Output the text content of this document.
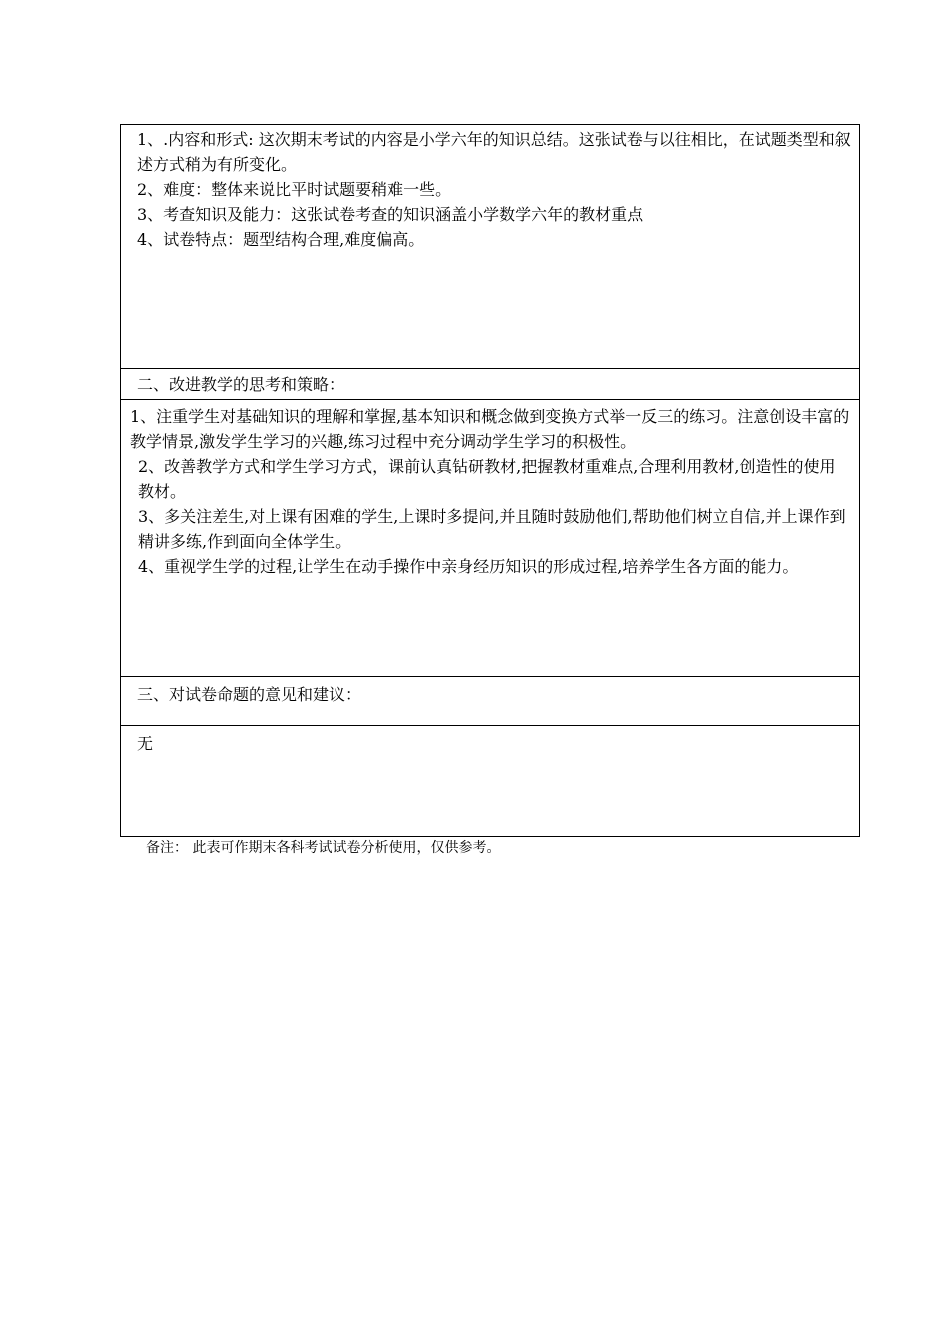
1、.内容和形式: 这次期末考试的内容是小学六年的知识总结。这张试卷与以往相比，在试题类型和叙述方式稍为有所变化。

2、难度：整体来说比平时试题要稍难一些。

3、考查知识及能力：这张试卷考查的知识涵盖小学数学六年的教材重点

4、试卷特点：题型结构合理,难度偏高。

二、改进教学的思考和策略：

1、注重学生对基础知识的理解和掌握,基本知识和概念做到变换方式举一反三的练习。注意创设丰富的教学情景,激发学生学习的兴趣,练习过程中充分调动学生学习的积极性。

2、改善教学方式和学生学习方式，课前认真钻研教材,把握教材重难点,合理利用教材,创造性的使用教材。

3、多关注差生,对上课有困难的学生,上课时多提问,并且随时鼓励他们,帮助他们树立自信,并上课作到精讲多练,作到面向全体学生。

4、重视学生学的过程,让学生在动手操作中亲身经历知识的形成过程,培养学生各方面的能力。

三、对试卷命题的意见和建议：

无

备注： 此表可作期末各科考试试卷分析使用，仅供参考。
